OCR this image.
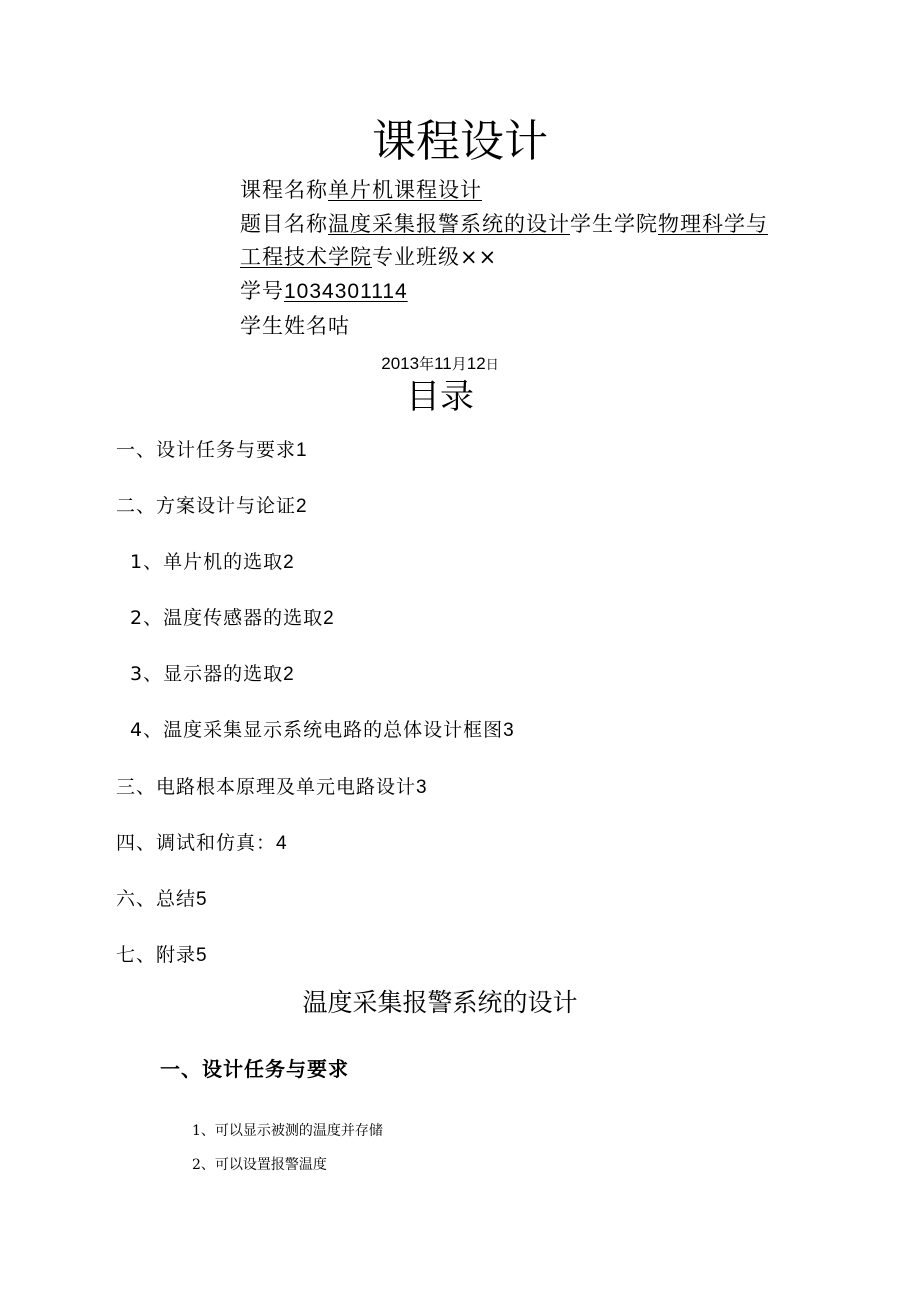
课程设计
课程名称单片机课程设计
题目名称温度采集报警系统的设计学生学院物理科学与
工程技术学院专业班级××
学号1034301114
学生姓名咕
2013年11月12日
目录
一、设计任务与要求1
二、方案设计与论证2
1、单片机的选取2
2、温度传感器的选取2
3、显示器的选取2
4、温度采集显示系统电路的总体设计框图3
三、电路根本原理及单元电路设计3
四、调试和仿真：4
六、总结5
七、附录5
温度采集报警系统的设计
一、设计任务与要求
1、可以显示被测的温度并存储
2、可以设置报警温度
